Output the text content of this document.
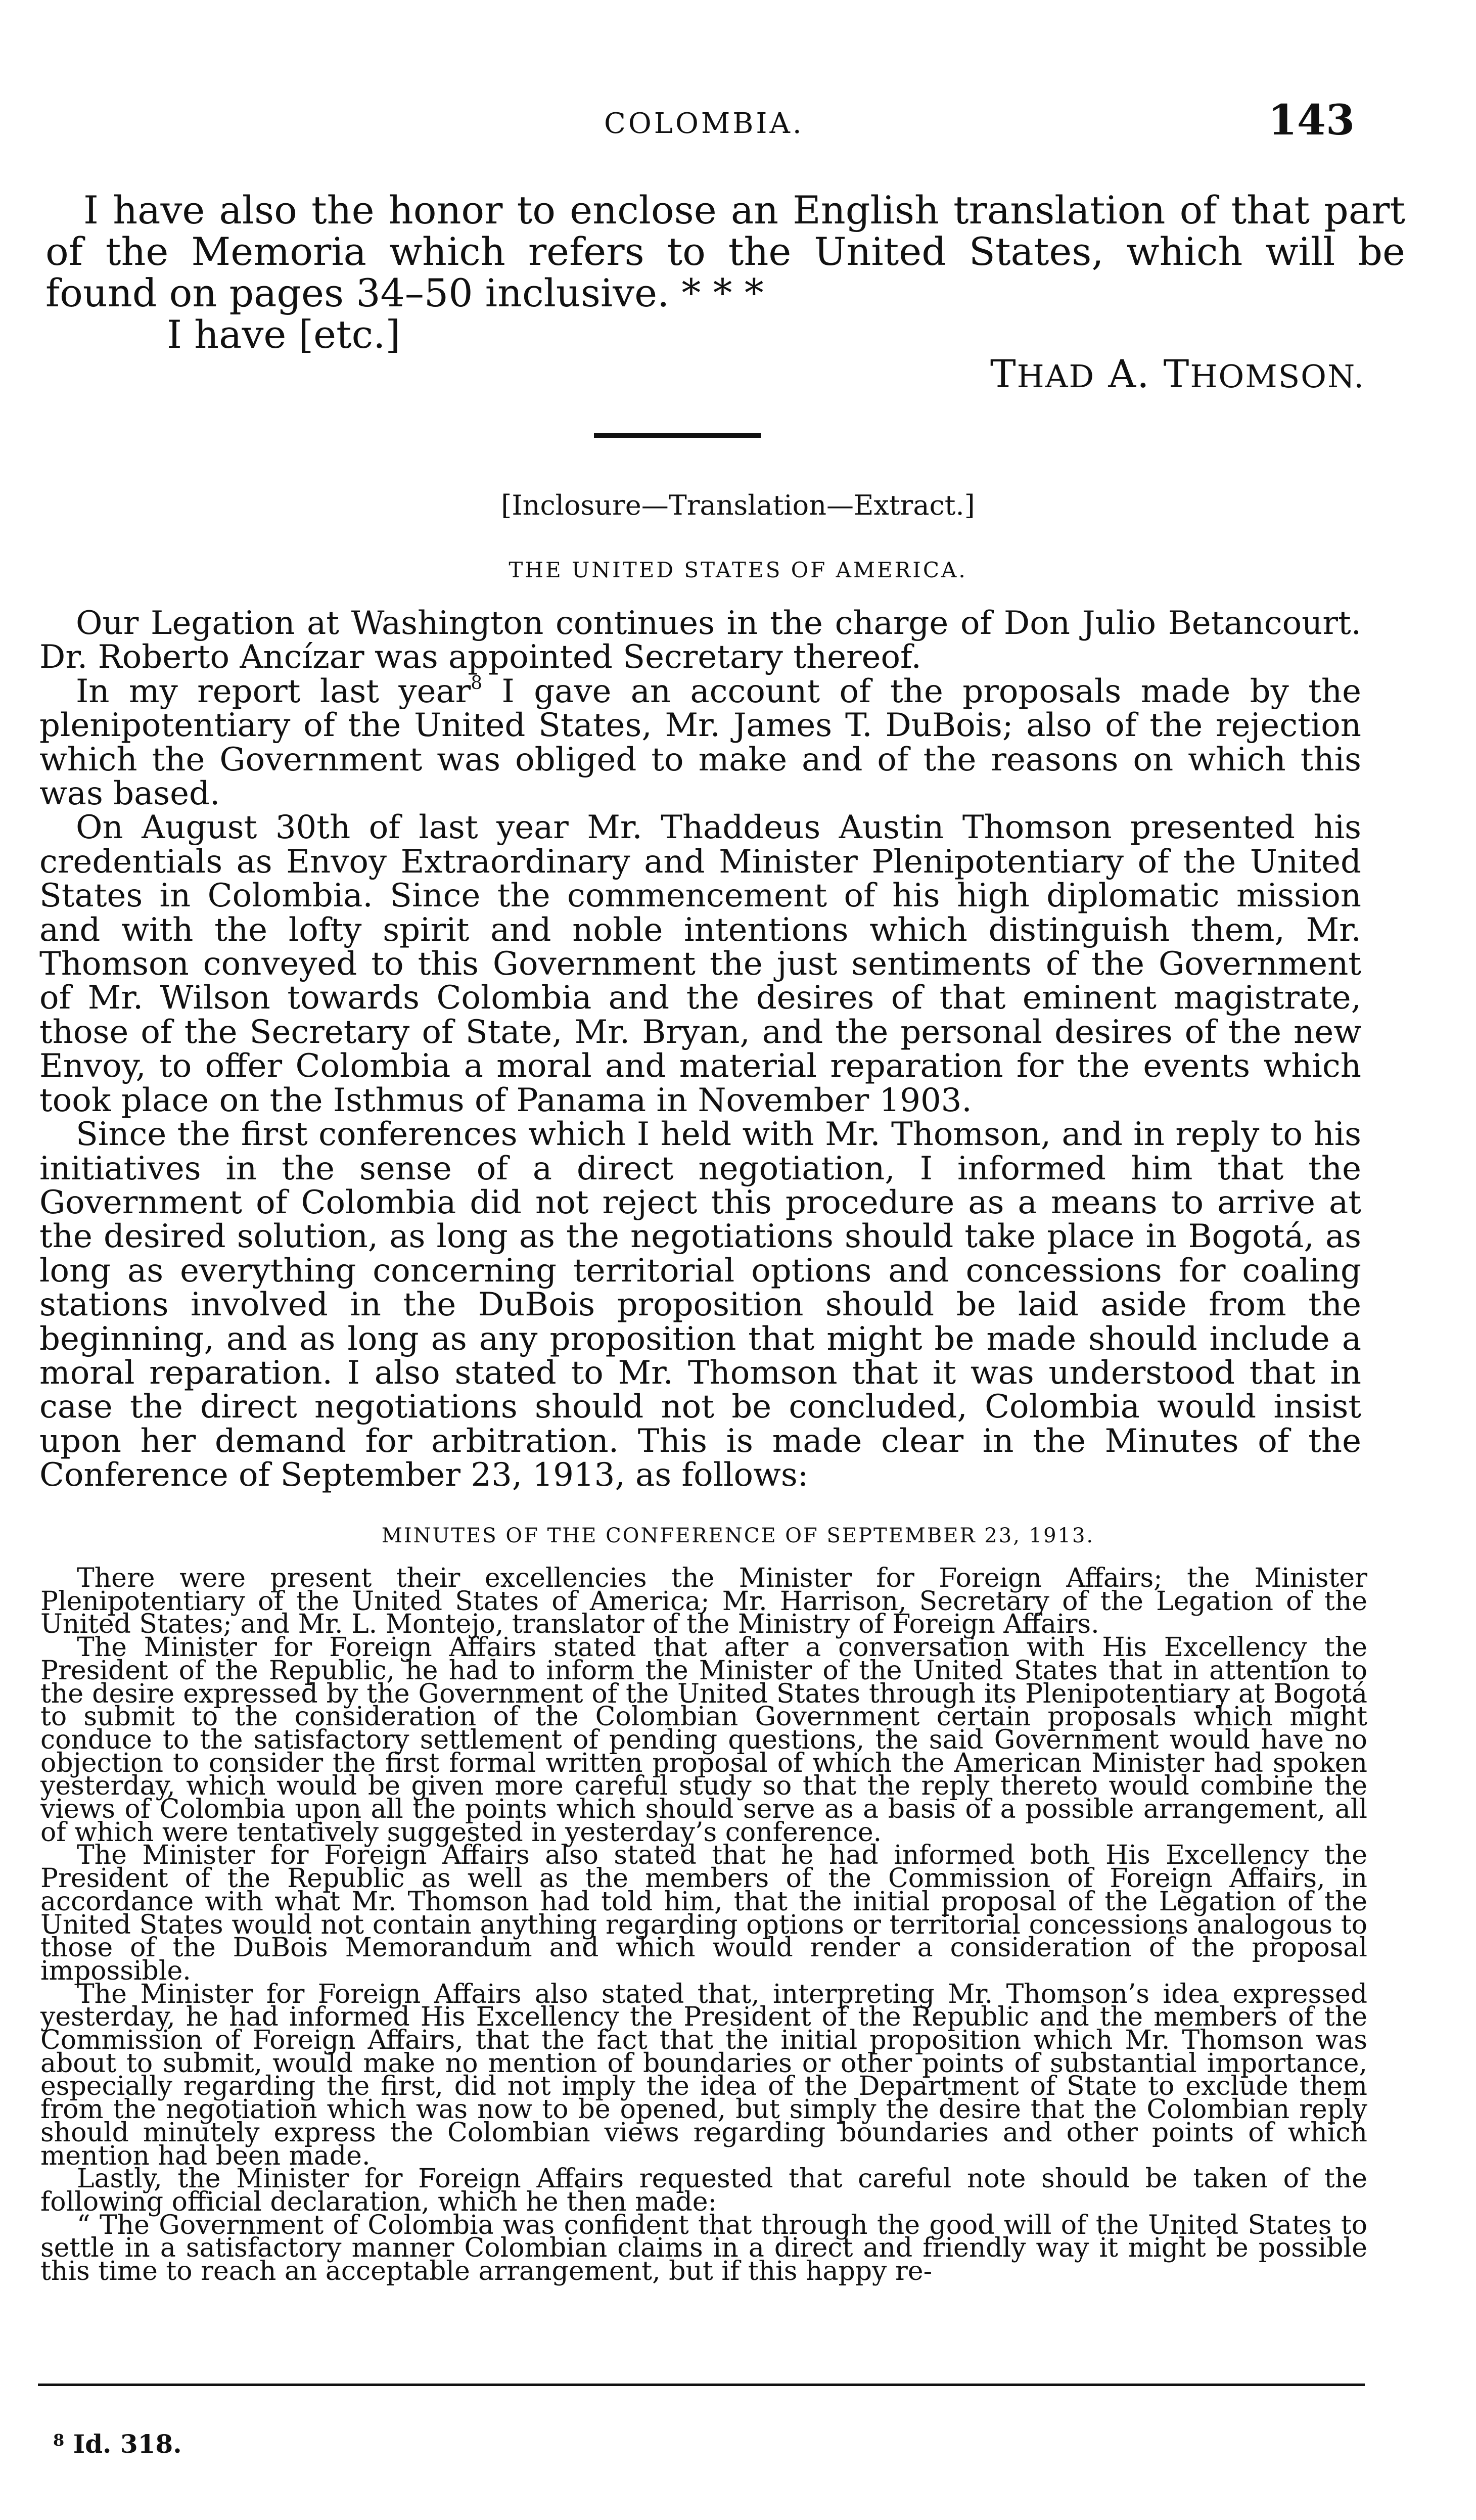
COLOMBIA.	143

I have also the honor to enclose an English translation of that part of the Memoria which refers to the United States, which will be found on pages 34–50 inclusive. * * *

I have [etc.]

THAD A. THOMSON.
[Inclosure—Translation—Extract.]
THE UNITED STATES OF AMERICA.

Our Legation at Washington continues in the charge of Don Julio Betancourt. Dr. Roberto Ancízar was appointed Secretary thereof.

In my report last year$^8$ I gave an account of the proposals made by the plenipotentiary of the United States, Mr. James T. DuBois; also of the rejection which the Government was obliged to make and of the reasons on which this was based.

On August 30th of last year Mr. Thaddeus Austin Thomson presented his credentials as Envoy Extraordinary and Minister Plenipotentiary of the United States in Colombia. Since the commencement of his high diplomatic mission and with the lofty spirit and noble intentions which distinguish them, Mr. Thomson conveyed to this Government the just sentiments of the Government of Mr. Wilson towards Colombia and the desires of that eminent magistrate, those of the Secretary of State, Mr. Bryan, and the personal desires of the new Envoy, to offer Colombia a moral and material reparation for the events which took place on the Isthmus of Panama in November 1903.

Since the first conferences which I held with Mr. Thomson, and in reply to his initiatives in the sense of a direct negotiation, I informed him that the Government of Colombia did not reject this procedure as a means to arrive at the desired solution, as long as the negotiations should take place in Bogotá, as long as everything concerning territorial options and concessions for coaling stations involved in the DuBois proposition should be laid aside from the beginning, and as long as any proposition that might be made should include a moral reparation. I also stated to Mr. Thomson that it was understood that in case the direct negotiations should not be concluded, Colombia would insist upon her demand for arbitration. This is made clear in the Minutes of the Conference of September 23, 1913, as follows:

MINUTES OF THE CONFERENCE OF SEPTEMBER 23, 1913.

There were present their excellencies the Minister for Foreign Affairs; the Minister Plenipotentiary of the United States of America; Mr. Harrison, Secretary of the Legation of the United States; and Mr. L. Montejo, translator of the Ministry of Foreign Affairs.

The Minister for Foreign Affairs stated that after a conversation with His Excellency the President of the Republic, he had to inform the Minister of the United States that in attention to the desire expressed by the Government of the United States through its Plenipotentiary at Bogotá to submit to the consideration of the Colombian Government certain proposals which might conduce to the satisfactory settlement of pending questions, the said Government would have no objection to consider the first formal written proposal of which the American Minister had spoken yesterday, which would be given more careful study so that the reply thereto would combine the views of Colombia upon all the points which should serve as a basis of a possible arrangement, all of which were tentatively suggested in yesterday’s conference.

The Minister for Foreign Affairs also stated that he had informed both His Excellency the President of the Republic as well as the members of the Commission of Foreign Affairs, in accordance with what Mr. Thomson had told him, that the initial proposal of the Legation of the United States would not contain anything regarding options or territorial concessions analogous to those of the DuBois Memorandum and which would render a consideration of the proposal impossible.

The Minister for Foreign Affairs also stated that, interpreting Mr. Thomson’s idea expressed yesterday, he had informed His Excellency the President of the Republic and the members of the Commission of Foreign Affairs, that the fact that the initial proposition which Mr. Thomson was about to submit, would make no mention of boundaries or other points of substantial importance, especially regarding the first, did not imply the idea of the Department of State to exclude them from the negotiation which was now to be opened, but simply the desire that the Colombian reply should minutely express the Colombian views regarding boundaries and other points of which mention had been made.

Lastly, the Minister for Foreign Affairs requested that careful note should be taken of the following official declaration, which he then made:

“ The Government of Colombia was confident that through the good will of the United States to settle in a satisfactory manner Colombian claims in a direct and friendly way it might be possible this time to reach an acceptable arrangement, but if this happy re-

$^8$ Id. 318.
